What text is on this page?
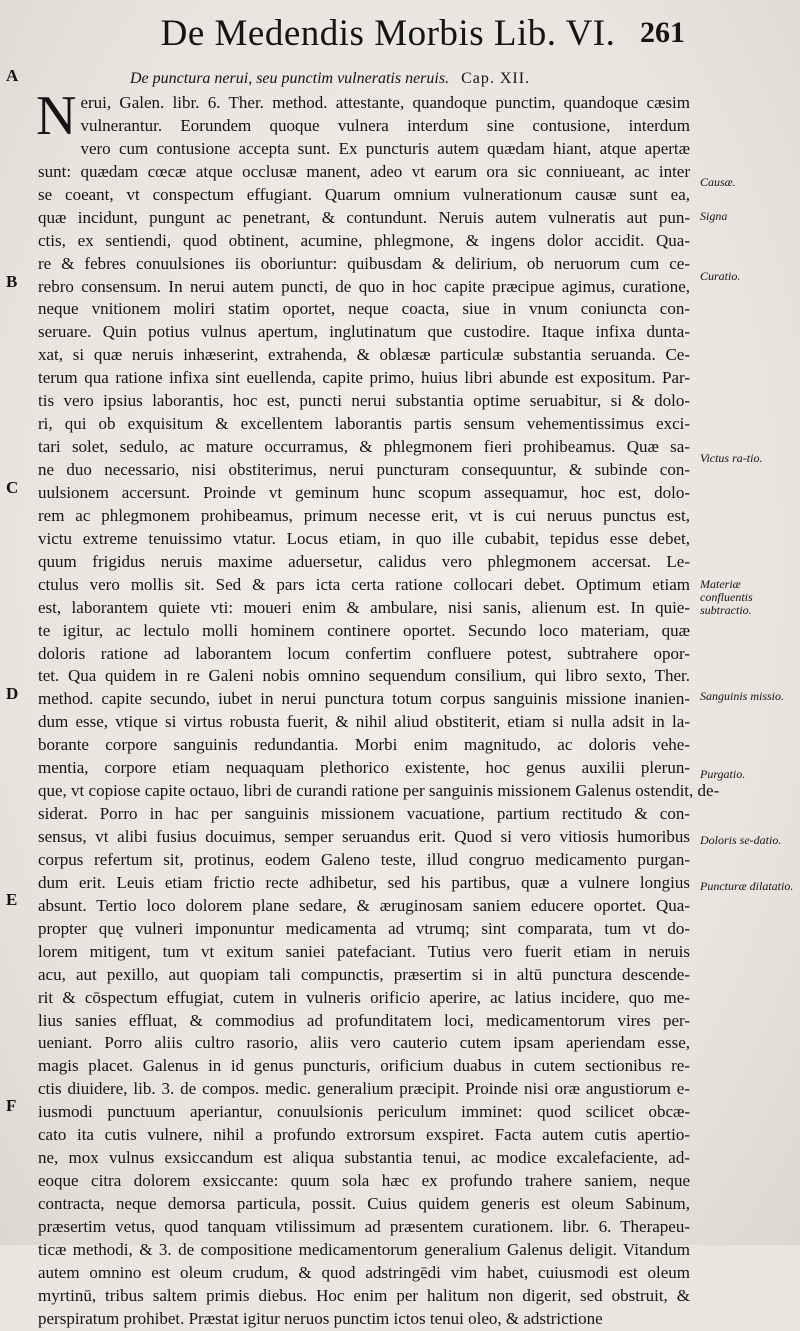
De Medendis Morbis Lib. VI. 261
A
B
C
D
E
F
De punctura nerui, seu punctim vulneratis neruis. Cap. XII.
N erui, Galen. libr. 6. Ther. method. attestante, quandoque punctim, quandoque cæsim
vulnerantur. Eorundem quoque vulnera interdum sine contusione, interdum
vero cum contusione accepta sunt. Ex puncturis autem quædam hiant, atque apertæ
sunt: quædam cœcæ atque occlusæ manent, adeo vt earum ora sic conniueant, ac inter
se coeant, vt conspectum effugiant. Quarum omnium vulnerationum causæ sunt ea,
quæ incidunt, pungunt ac penetrant, & contundunt. Neruis autem vulneratis aut pun-
ctis, ex sentiendi, quod obtinent, acumine, phlegmone, & ingens dolor accidit. Qua-
re & febres conuulsiones iis oboriuntur: quibusdam & delirium, ob neruorum cum ce-
rebro consensum. In nerui autem puncti, de quo in hoc capite præcipue agimus, curatione,
neque vnitionem moliri statim oportet, neque coacta, siue in vnum coniuncta con-
seruare. Quin potius vulnus apertum, inglutinatum que custodire. Itaque infixa dunta-
xat, si quæ neruis inhæserint, extrahenda, & oblæsæ particulæ substantia seruanda. Ce-
terum qua ratione infixa sint euellenda, capite primo, huius libri abunde est expositum. Par-
tis vero ipsius laborantis, hoc est, puncti nerui substantia optime seruabitur, si & dolo-
ri, qui ob exquisitum & excellentem laborantis partis sensum vehementissimus exci-
tari solet, sedulo, ac mature occurramus, & phlegmonem fieri prohibeamus. Quæ sa-
ne duo necessario, nisi obstiterimus, nerui puncturam consequuntur, & subinde con-
uulsionem accersunt. Proinde vt geminum hunc scopum assequamur, hoc est, dolo-
rem ac phlegmonem prohibeamus, primum necesse erit, vt is cui neruus punctus est,
victu extreme tenuissimo vtatur. Locus etiam, in quo ille cubabit, tepidus esse debet,
quum frigidus neruis maxime aduersetur, calidus vero phlegmonem accersat. Le-
ctulus vero mollis sit. Sed & pars icta certa ratione collocari debet. Optimum etiam
est, laborantem quiete vti: moueri enim & ambulare, nisi sanis, alienum est. In quie-
te igitur, ac lectulo molli hominem continere oportet. Secundo loco materiam, quæ
doloris ratione ad laborantem locum confertim confluere potest, subtrahere opor-
tet. Qua quidem in re Galeni nobis omnino sequendum consilium, qui libro sexto, Ther.
method. capite secundo, iubet in nerui punctura totum corpus sanguinis missione inanien-
dum esse, vtique si virtus robusta fuerit, & nihil aliud obstiterit, etiam si nulla adsit in la-
borante corpore sanguinis redundantia. Morbi enim magnitudo, ac doloris vehe-
mentia, corpore etiam nequaquam plethorico existente, hoc genus auxilii plerun-
que, vt copiose capite octauo, libri de curandi ratione per sanguinis missionem Galenus ostendit, de-
siderat. Porro in hac per sanguinis missionem vacuatione, partium rectitudo & con-
sensus, vt alibi fusius docuimus, semper seruandus erit. Quod si vero vitiosis humoribus
corpus refertum sit, protinus, eodem Galeno teste, illud congruo medicamento purgan-
dum erit. Leuis etiam frictio recte adhibetur, sed his partibus, quæ a vulnere longius
absunt. Tertio loco dolorem plane sedare, & æruginosam saniem educere oportet. Qua-
propter quę vulneri imponuntur medicamenta ad vtrumq; sint comparata, tum vt do-
lorem mitigent, tum vt exitum saniei patefaciant. Tutius vero fuerit etiam in neruis
acu, aut pexillo, aut quopiam tali compunctis, præsertim si in altū punctura descende-
rit & cōspectum effugiat, cutem in vulneris orificio aperire, ac latius incidere, quo me-
lius sanies effluat, & commodius ad profunditatem loci, medicamentorum vires per-
ueniant. Porro aliis cultro rasorio, aliis vero cauterio cutem ipsam aperiendam esse,
magis placet. Galenus in id genus puncturis, orificium duabus in cutem sectionibus re-
ctis diuidere, lib. 3. de compos. medic. generalium præcipit. Proinde nisi oræ angustiorum e-
iusmodi punctuum aperiantur, conuulsionis periculum imminet: quod scilicet obcæ-
cato ita cutis vulnere, nihil a profundo extrorsum exspiret. Facta autem cutis apertio-
ne, mox vulnus exsiccandum est aliqua substantia tenui, ac modice excalefaciente, ad-
eoque citra dolorem exsiccante: quum sola hæc ex profundo trahere saniem, neque
contracta, neque demorsa particula, possit. Cuius quidem generis est oleum Sabinum,
præsertim vetus, quod tanquam vtilissimum ad præsentem curationem. libr. 6. Therapeu-
ticæ methodi, & 3. de compositione medicamentorum generalium Galenus deligit. Vitandum
autem omnino est oleum crudum, & quod adstringēdi vim habet, cuiusmodi est oleum
myrtinū, tribus saltem primis diebus. Hoc enim per halitum non digerit, sed obstruit, &
perspiratum prohibet. Præstat igitur neruos punctim ictos tenui oleo, & adstrictione
Causæ.
Signa
Curatio.
Victus ra-tio.
Materiæ confluentis subtractio.
Sanguinis missio.
Purgatio.
Doloris se-datio.
Puncturæ dilatatio.
